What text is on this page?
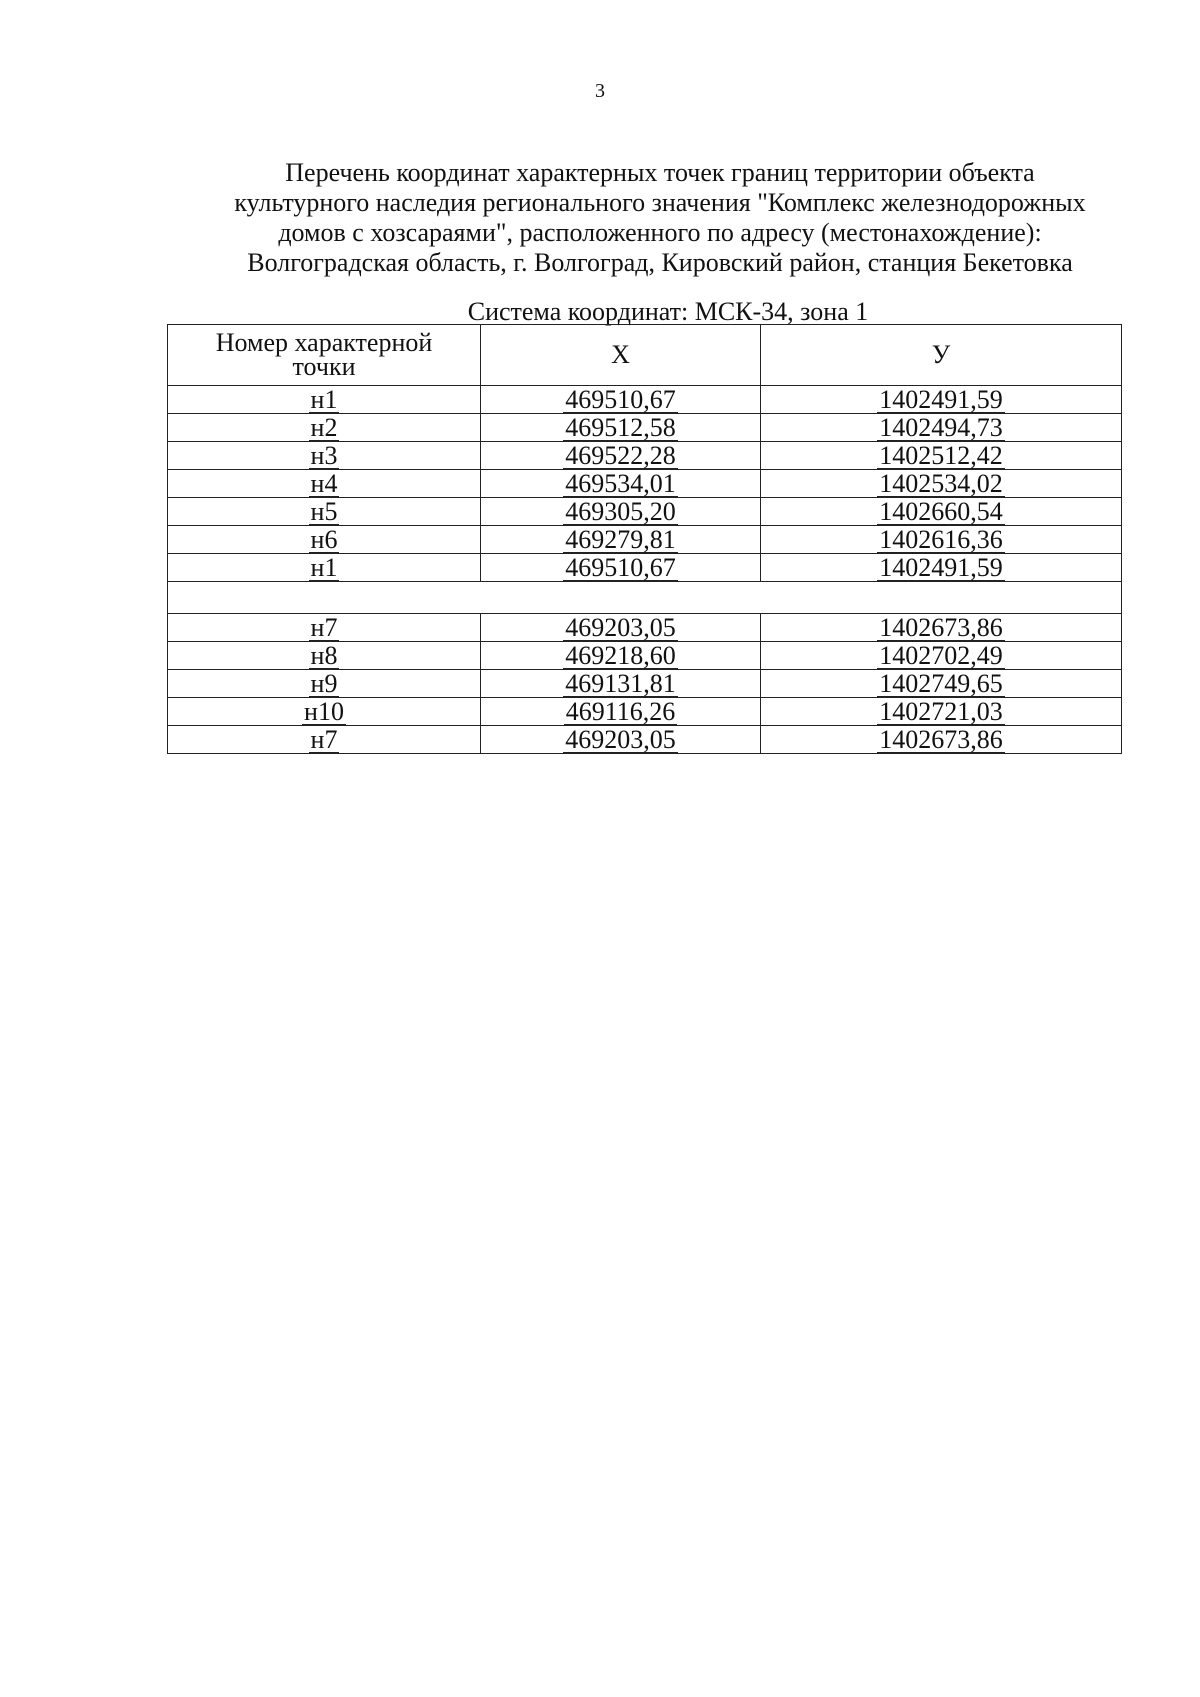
3
Перечень координат характерных точек границ территории объекта
культурного наследия регионального значения "Комплекс железнодорожных
домов с хозсараями", расположенного по адресу (местонахождение):
Волгоградская область, г. Волгоград, Кировский район, станция Бекетовка
Система координат: МСК-34, зона 1
Номер характерной
точки	Х	У
н1	469510,67	1402491,59
н2	469512,58	1402494,73
н3	469522,28	1402512,42
н4	469534,01	1402534,02
н5	469305,20	1402660,54
н6	469279,81	1402616,36
н1	469510,67	1402491,59

н7	469203,05	1402673,86
н8	469218,60	1402702,49
н9	469131,81	1402749,65
н10	469116,26	1402721,03
н7	469203,05	1402673,86
